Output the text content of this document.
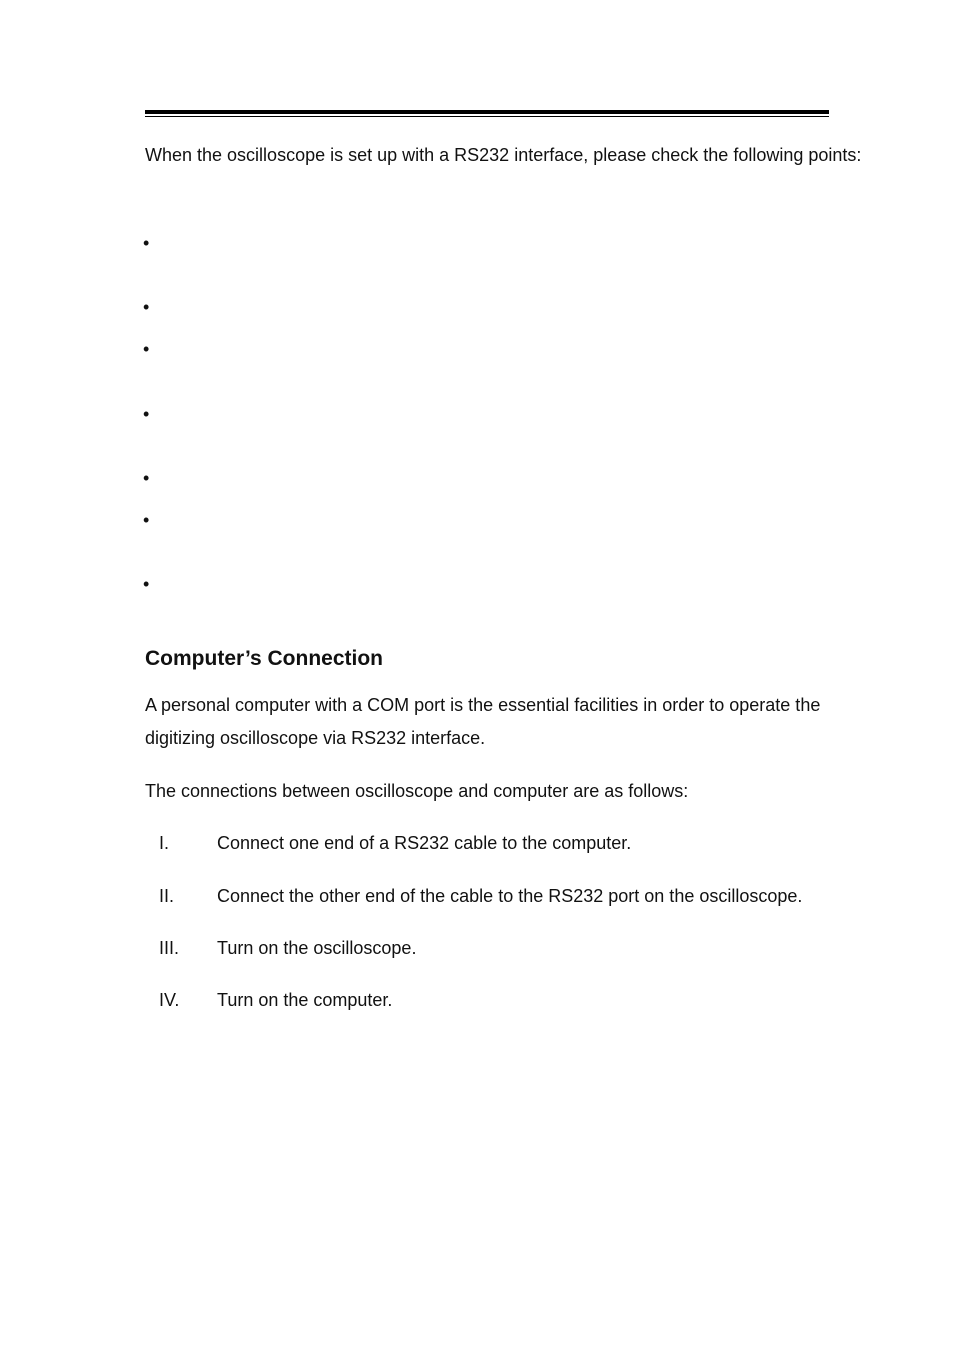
When the oscilloscope is set up with a RS232 interface, please check the following points:

•
•
•
•
•
•
•
Computer’s Connection

A personal computer with a COM port is the essential facilities in order to operate the digitizing oscilloscope via RS232 interface.

The connections between oscilloscope and computer are as follows:

I.	Connect one end of a RS232 cable to the computer.
II. Connect the other end of the cable to the RS232 port on the oscilloscope.
III. Turn on the oscilloscope.
IV. Turn on the computer.
